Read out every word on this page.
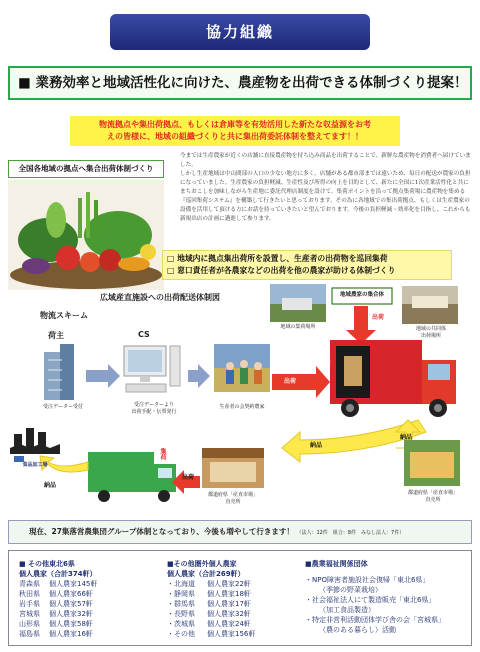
協力組織
■ 業務効率と地域活性化に向けた、農産物を出荷できる体制づくり提案！
物流拠点や集出荷拠点、もしくは倉庫等を有効活用した新たな収益源をお考
えの皆様に、地域の組織づくりと共に集出荷委託体制を整えてます！！
全国各地域の拠点へ集合出荷体制づくり
今までは生産農家が近くの店舗に直接農産物を持ち込み商品を出荷することで、新鮮な農産物を消費者へ届けていました。
しかし生産地域は中山間部の人口の少ない地方に多く、店舗がある都市部までは遠いため、毎日の配送が農家の負担になっていました。生産農家の負担軽減、生産性及び所得の向上を目的として、新たに全国に1次産業活性化と共にまちおこしを加味しながら生産地に委託代理店制度を設けて、集荷ポイントを沿って拠点集荷場に農産物を集める『巡回集荷システム』を構築して行きたいと思っております。その為に各地域での集出荷拠点、もしくは生産農家の設備を活用して頂ける方にお話を持っていきたいと望んでおります。今後の負担軽減・効率化を目指し、これからも新規出店の計画に邁進して参ります。
□ 地域内に拠点集出荷所を設置し、生産者の出荷物を巡回集荷
□ 窓口責任者が各農家などの出荷を他の農家が助ける体制づくり
広域産直施設への出荷配送体制図
物流スキーム
荷主	CS
受注データー受付	受注データーより
出荷手配・伝票発行
生産者の会契約農家
地域の集荷場所	地域の共同体
出荷場所
地域農家の集合体
出荷
出荷
出荷
納品
納品
納品
集荷
集荷
食品加工場
都道府県「産直市場」
直売所
都道府県「産直市場」
直売所
現在、27集落営農集団グループ体制となっており、今後も増やして行きます！ （法人：12件　組合：8件　みなし法人：7件）
■ その他東北6県
個人農家（合計374軒）
青森県	個人農家145軒
秋田県	個人農家66軒
岩手県	個人農家57軒
宮城県	個人農家32軒
山形県	個人農家58軒
福島県	個人農家16軒
■その他圏外個人農家
個人農家（合計269軒）
・北海道	個人農家22軒
・静岡県	個人農家18軒
・群馬県	個人農家17軒
・長野県	個人農家32軒
・茨城県	個人農家24軒
・その他	個人農家156軒
■農業福祉関係団体
・NPO障害者施設社会復帰「東北6県」
（季節の野菜栽培）
・社会福祉法人にて製造販売「東北6県」
（加工食品製造）
・特定非営利活動団体学び舎の会「宮城県」
（農のある暮らし）活動
